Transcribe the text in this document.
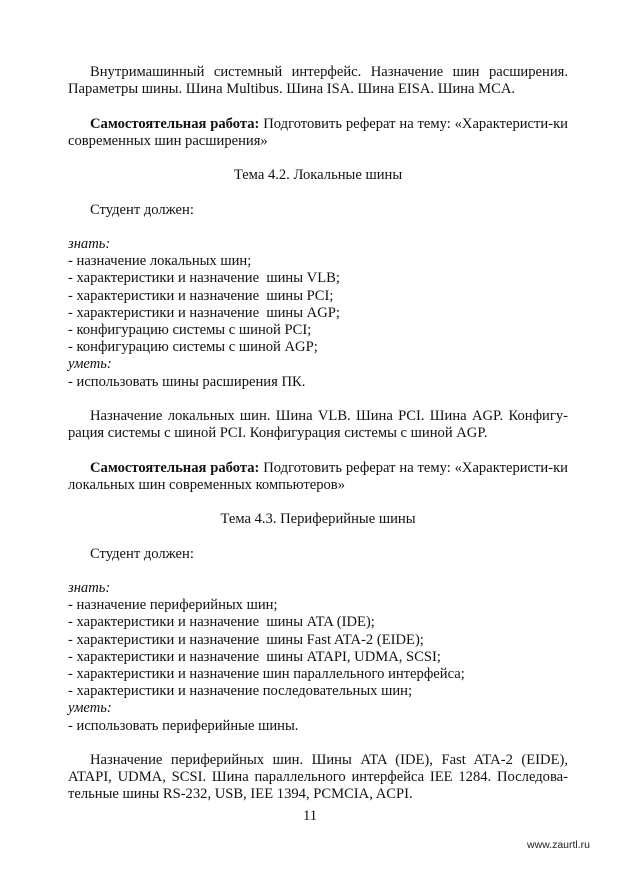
Внутримашинный системный интерфейс. Назначение шин расширения. Параметры шины. Шина Multibus. Шина ISA. Шина EISA. Шина MCA.

Самостоятельная работа: Подготовить реферат на тему: «Характеристи-ки современных шин расширения»

Тема 4.2. Локальные шины

Студент должен:

знать:

- назначение локальных шин;

- характеристики и назначение  шины VLB;

- характеристики и назначение  шины PCI;

- характеристики и назначение  шины AGP;

- конфигурацию системы с шиной PCI;

- конфигурацию системы с шиной AGP;

уметь:

- использовать шины расширения ПК.

Назначение локальных шин. Шина VLB. Шина PCI. Шина AGP. Конфигу-рация системы с шиной PCI. Конфигурация системы с шиной AGP.

Самостоятельная работа: Подготовить реферат на тему: «Характеристи-ки локальных шин современных компьютеров»

Тема 4.3. Периферийные шины

Студент должен:

знать:

- назначение периферийных шин;

- характеристики и назначение  шины ATA (IDE);

- характеристики и назначение  шины Fast ATA-2 (EIDE);

- характеристики и назначение  шины ATAPI, UDMA, SCSI;

- характеристики и назначение шин параллельного интерфейса;

- характеристики и назначение последовательных шин;

уметь:

- использовать периферийные шины.

Назначение периферийных шин. Шины ATA (IDE), Fast ATA-2 (EIDE), ATAPI, UDMA, SCSI. Шина параллельного интерфейса IEE 1284. Последова-тельные шины RS-232, USB, IEE 1394, PCMCIA, ACPI.

11
www.zaurtl.ru
